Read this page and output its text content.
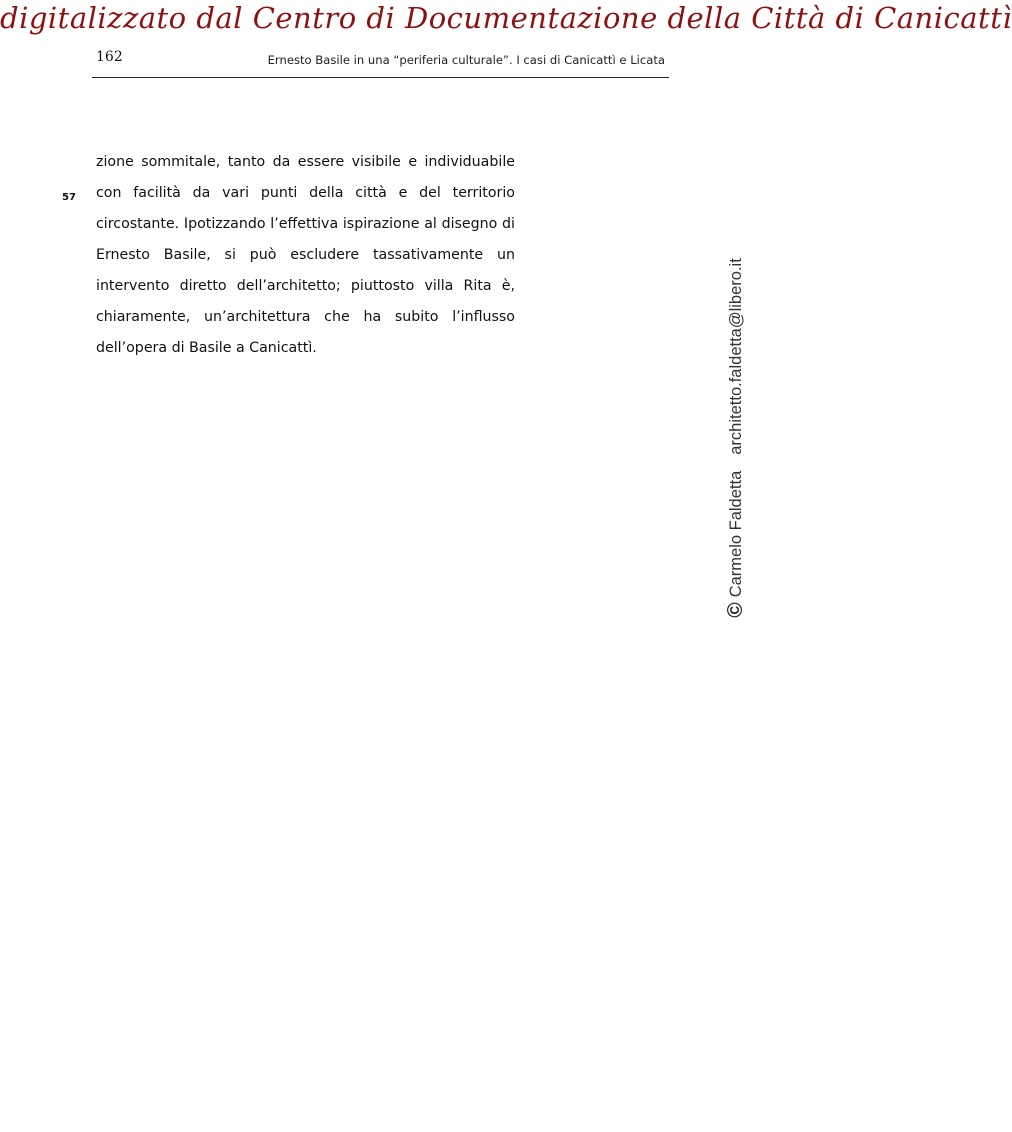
digitalizzato dal Centro di Documentazione della Città di Canicattì
162	Ernesto Basile in una “periferia culturale”. I casi di Canicattì e Licata
57

zione sommitale, tanto da essere visibile e individuabile con facilità da vari punti della città e del territorio circostante. Ipotizzando l’effettiva ispirazione al disegno di Ernesto Basile, si può escludere tassativamente un intervento diretto dell’architetto; piuttosto villa Rita è, chiaramente, un’architettura che ha subito l’influsso dell’opera di Basile a Canicattì.

©
Carmelo Faldetta
architetto.faldetta@libero.it
